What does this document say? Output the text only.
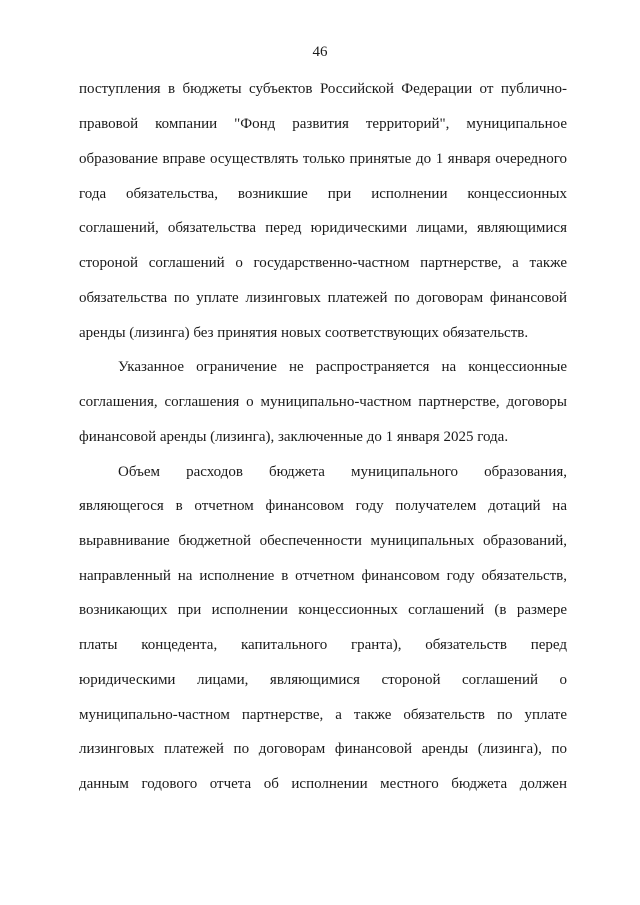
46
поступления в бюджеты субъектов Российской Федерации от публично-
правовой компании "Фонд развития территорий", муниципальное
образование вправе осуществлять только принятые до 1 января очередного
года обязательства, возникшие при исполнении концессионных
соглашений, обязательства перед юридическими лицами, являющимися
стороной соглашений о государственно-частном партнерстве, а также
обязательства по уплате лизинговых платежей по договорам финансовой
аренды (лизинга) без принятия новых соответствующих обязательств.
Указанное ограничение не распространяется на концессионные
соглашения, соглашения о муниципально-частном партнерстве, договоры
финансовой аренды (лизинга), заключенные до 1 января 2025 года.
Объем расходов бюджета муниципального образования,
являющегося в отчетном финансовом году получателем дотаций на
выравнивание бюджетной обеспеченности муниципальных образований,
направленный на исполнение в отчетном финансовом году обязательств,
возникающих при исполнении концессионных соглашений (в размере
платы концедента, капитального гранта), обязательств перед
юридическими лицами, являющимися стороной соглашений о
муниципально-частном партнерстве, а также обязательств по уплате
лизинговых платежей по договорам финансовой аренды (лизинга), по
данным годового отчета об исполнении местного бюджета должен
